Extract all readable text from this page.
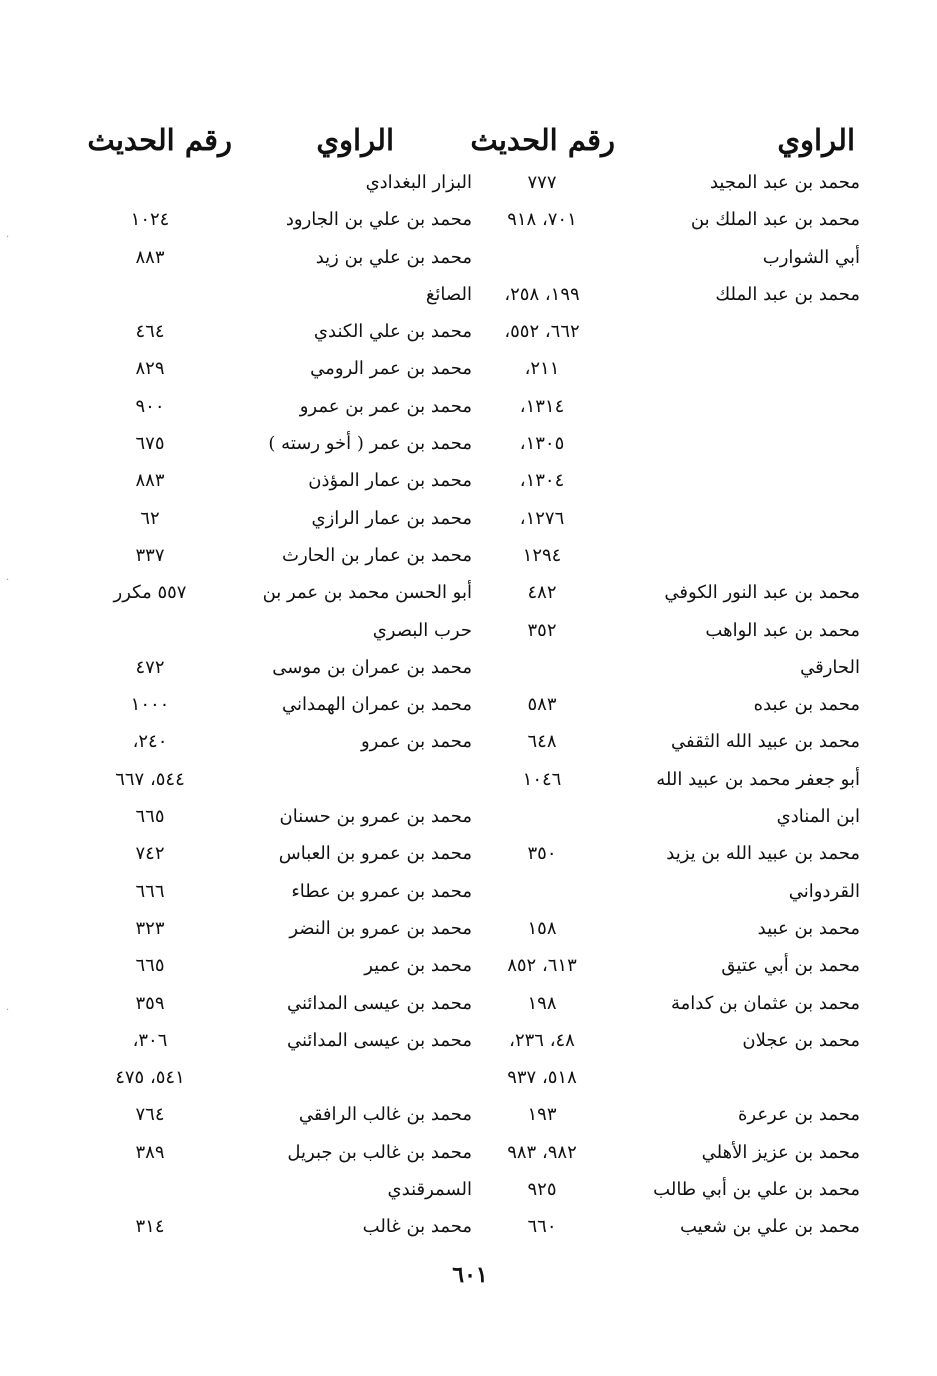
الراوي
رقم الحديث
الراوي
رقم الحديث
محمد بن عبد المجيد
٧٧٧
البزار البغدادي
محمد بن عبد الملك بن
٧٠١، ٩١٨
محمد بن علي بن الجارود
١٠٢٤
أبي الشوارب
محمد بن علي بن زيد
٨٨٣
محمد بن عبد الملك
١٩٩، ٢٥٨،
الصائغ
٦٦٢، ٥٥٢،
محمد بن علي الكندي
٤٦٤
٢١١،
محمد بن عمر الرومي
٨٢٩
١٣١٤،
محمد بن عمر بن عمرو
٩٠٠
١٣٠٥،
محمد بن عمر ( أخو رسته )
٦٧٥
١٣٠٤،
محمد بن عمار المؤذن
٨٨٣
١٢٧٦،
محمد بن عمار الرازي
٦٢
١٢٩٤
محمد بن عمار بن الحارث
٣٣٧
محمد بن عبد النور الكوفي
٤٨٢
أبو الحسن محمد بن عمر بن
٥٥٧ مكرر
محمد بن عبد الواهب
٣٥٢
حرب البصري
الحارقي
محمد بن عمران بن موسى
٤٧٢
محمد بن عبده
٥٨٣
محمد بن عمران الهمداني
١٠٠٠
محمد بن عبيد الله الثقفي
٦٤٨
محمد بن عمرو
٢٤٠،
أبو جعفر محمد بن عبيد الله
١٠٤٦
٥٤٤، ٦٦٧
ابن المنادي
محمد بن عمرو بن حسنان
٦٦٥
محمد بن عبيد الله بن يزيد
٣٥٠
محمد بن عمرو بن العباس
٧٤٢
القردواني
محمد بن عمرو بن عطاء
٦٦٦
محمد بن عبيد
١٥٨
محمد بن عمرو بن النضر
٣٢٣
محمد بن أبي عتيق
٦١٣، ٨٥٢
محمد بن عمير
٦٦٥
محمد بن عثمان بن كدامة
١٩٨
محمد بن عيسى المدائني
٣٥٩
محمد بن عجلان
٤٨، ٢٣٦،
محمد بن عيسى المدائني
٣٠٦،
٥١٨، ٩٣٧
٥٤١، ٤٧٥
محمد بن عرعرة
١٩٣
محمد بن غالب الرافقي
٧٦٤
محمد بن عزيز الأهلي
٩٨٢، ٩٨٣
محمد بن غالب بن جبريل
٣٨٩
محمد بن علي بن أبي طالب
٩٢٥
السمرقندي
محمد بن علي بن شعيب
٦٦٠
محمد بن غالب
٣١٤
٦٠١
·
·
·
